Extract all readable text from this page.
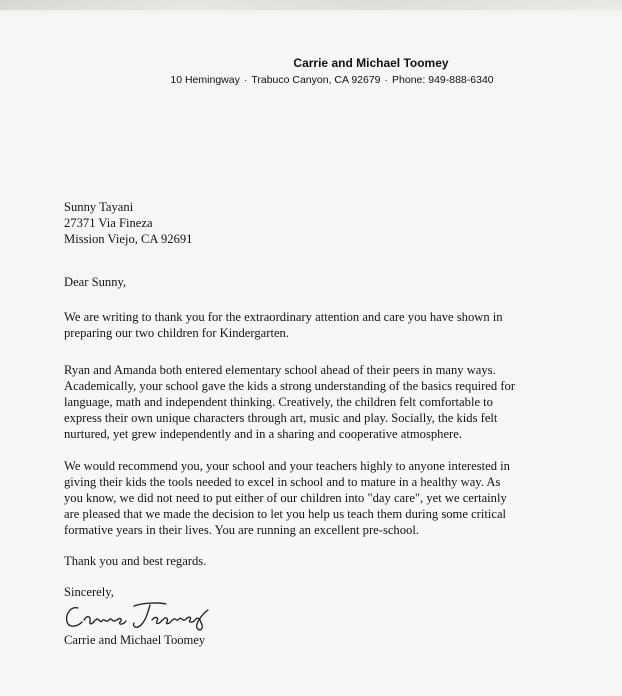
Carrie and Michael Toomey
10 Hemingway · Trabuco Canyon, CA 92679 · Phone: 949-888-6340
Sunny Tayani
27371 Via Fineza
Mission Viejo, CA 92691
Dear Sunny,
We are writing to thank you for the extraordinary attention and care you have shown in
preparing our two children for Kindergarten.
Ryan and Amanda both entered elementary school ahead of their peers in many ways.
Academically, your school gave the kids a strong understanding of the basics required for
language, math and independent thinking. Creatively, the children felt comfortable to
express their own unique characters through art, music and play. Socially, the kids felt
nurtured, yet grew independently and in a sharing and cooperative atmosphere.
We would recommend you, your school and your teachers highly to anyone interested in
giving their kids the tools needed to excel in school and to mature in a healthy way. As
you know, we did not need to put either of our children into "day care", yet we certainly
are pleased that we made the decision to let you help us teach them during some critical
formative years in their lives. You are running an excellent pre-school.
Thank you and best regards.
Sincerely,
Carrie and Michael Toomey
